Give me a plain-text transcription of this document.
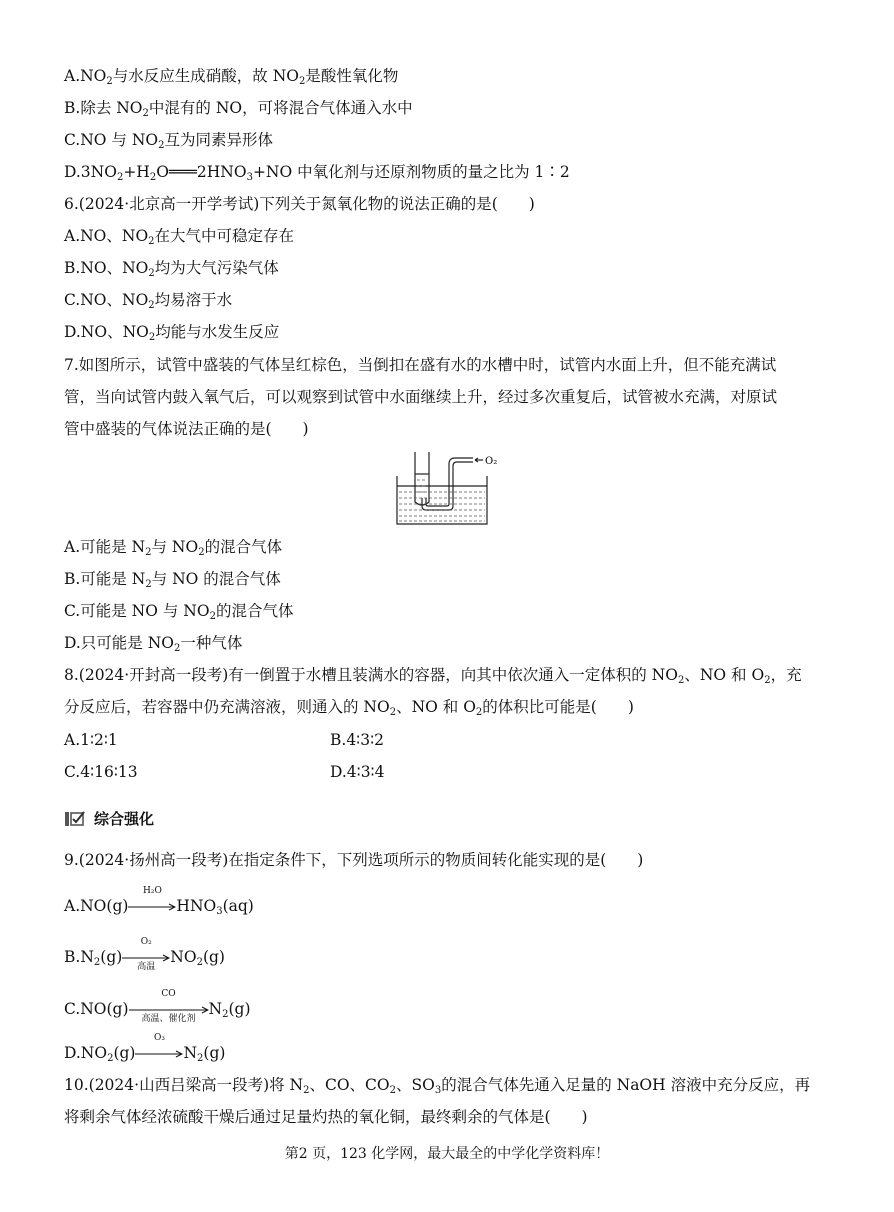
$A.NO_2$与水反应生成硝酸，故 $NO_2$是酸性氧化物
B.除去 $NO_2$中混有的 NO，可将混合气体通入水中
C.NO 与 $NO_2$互为同素异形体
$D.3NO_2+H_2O═══2HNO_3+NO$ 中氧化剂与还原剂物质的量之比为 1∶2
6.(2024·北京高一开学考试)下列关于氮氧化物的说法正确的是(　　)
A.NO、$NO_2$在大气中可稳定存在
B.NO、$NO_2$均为大气污染气体
C.NO、$NO_2$均易溶于水
D.NO、$NO_2$均能与水发生反应
7.如图所示，试管中盛装的气体呈红棕色，当倒扣在盛有水的水槽中时，试管内水面上升，但不能充满试
管，当向试管内鼓入氧气后，可以观察到试管中水面继续上升，经过多次重复后，试管被水充满，对原试
管中盛装的气体说法正确的是(　　)
O₂
A.可能是 $N_2$与 $NO_2$的混合气体
B.可能是 $N_2$与 NO 的混合气体
C.可能是 NO 与 $NO_2$的混合气体
D.只可能是 $NO_2$一种气体
8.(2024·开封高一段考)有一倒置于水槽且装满水的容器，向其中依次通入一定体积的 $NO_2$、NO 和 $O_2$，充
分反应后，若容器中仍充满溶液，则通入的 $NO_2$、NO 和 $O_2$的体积比可能是(　　)
A.1∶2∶1	B.4∶3∶2
C.4∶16∶13	D.4∶3∶4
综合强化
9.(2024·扬州高一段考)在指定条件下，下列选项所示的物质间转化能实现的是(　　)
A.NO(g)
H₂O
$HNO_3(aq)$
$B.N_2(g)$
O₂
高温
$NO_2(g)$
C.NO(g)
CO
高温、催化剂
$N_2(g)$
$D.NO_2(g)$
O₃
$N_2(g)$
10.(2024·山西吕梁高一段考)将 $N_2$、CO、$CO_2$、$SO_3$的混合气体先通入足量的 NaOH 溶液中充分反应，再
将剩余气体经浓硫酸干燥后通过足量灼热的氧化铜，最终剩余的气体是(　　)
第2 页，123 化学网，最大最全的中学化学资料库！
